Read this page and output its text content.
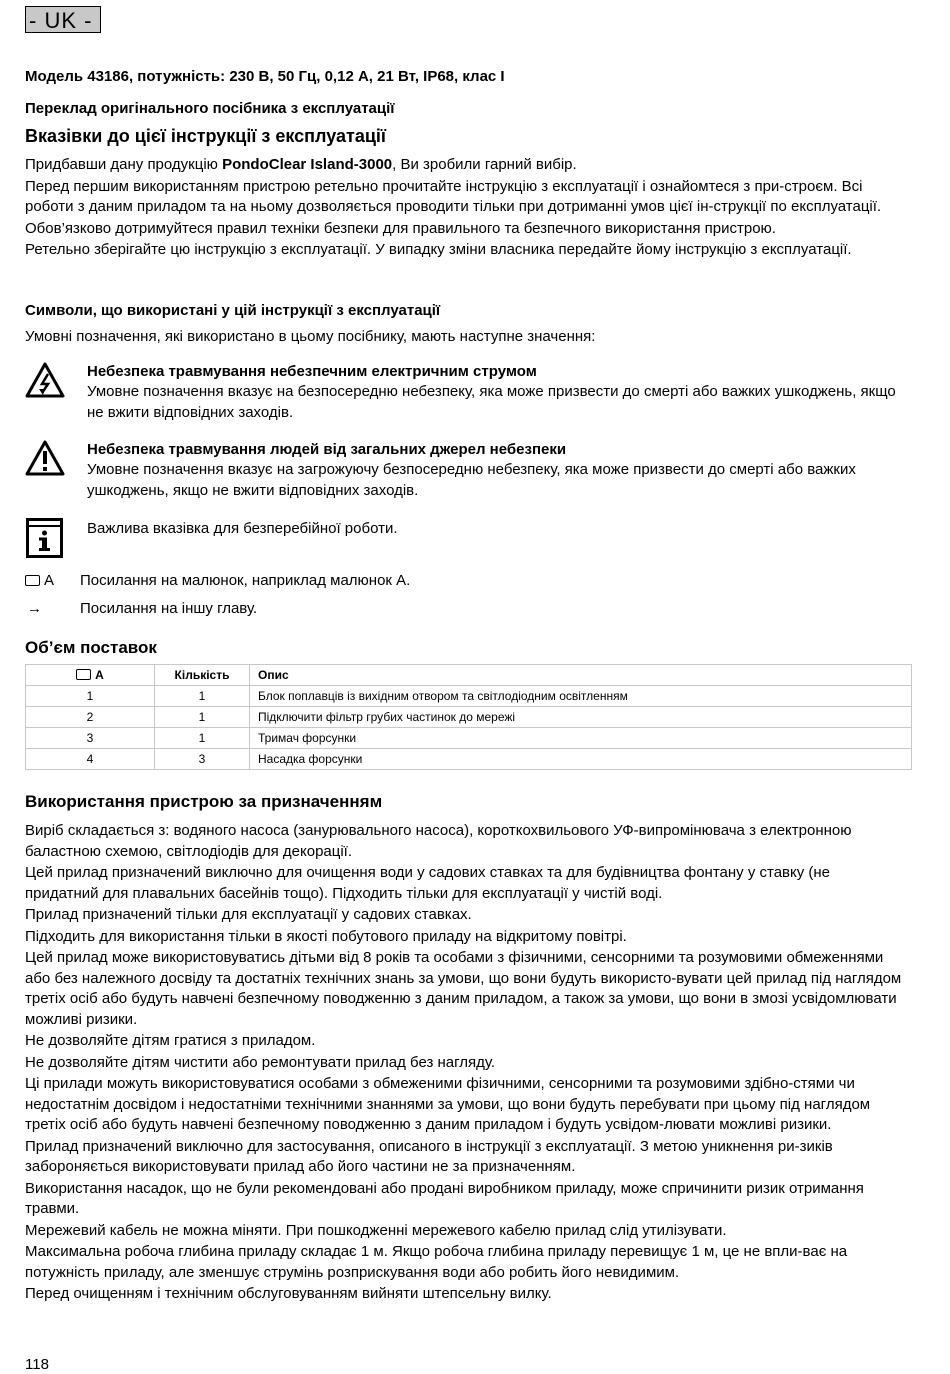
- UK -
Модель 43186, потужність: 230 В, 50 Гц, 0,12 А, 21 Вт, IP68, клас I
Переклад оригінального посібника з експлуатації
Вказівки до цієї інструкції з експлуатації
Придбавши дану продукцію PondoClear Island-3000, Ви зробили гарний вибір.
Перед першим використанням пристрою ретельно прочитайте інструкцію з експлуатації і ознайомтеся з при-строєм. Всі роботи з даним приладом та на ньому дозволяється проводити тільки при дотриманні умов цієї ін-струкції по експлуатації.
Обов’язково дотримуйтеся правил техніки безпеки для правильного та безпечного використання пристрою.
Ретельно зберігайте цю інструкцію з експлуатації. У випадку зміни власника передайте йому інструкцію з експлуатації.
Символи, що використані у цій інструкції з експлуатації
Умовні позначення, які використано в цьому посібнику, мають наступне значення:
Небезпека травмування небезпечним електричним струмом
Умовне позначення вказує на безпосередню небезпеку, яка може призвести до смерті або важких ушкоджень, якщо не вжити відповідних заходів.
Небезпека травмування людей від загальних джерел небезпеки
Умовне позначення вказує на загрожуючу безпосередню небезпеку, яка може призвести до смерті або важких ушкоджень, якщо не вжити відповідних заходів.
Важлива вказівка для безперебійної роботи.
A Посилання на малюнок, наприклад малюнок А.
→	Посилання на іншу главу.
Об’єм поставок
A	Кількість	Опис
1	1	Блок поплавців із вихідним отвором та світлодіодним освітленням
2	1	Підключити фільтр грубих частинок до мережі
3	1	Тримач форсунки
4	3	Насадка форсунки
Використання пристрою за призначенням
Виріб складається з: водяного насоса (занурювального насоса), короткохвильового УФ-випромінювача з електронною баластною схемою, світлодіодів для декорації.
Цей прилад призначений виключно для очищення води у садових ставках та для будівництва фонтану у ставку (не придатний для плавальних басейнів тощо). Підходить тільки для експлуатації у чистій воді.
Прилад призначений тільки для експлуатації у садових ставках.
Підходить для використання тільки в якості побутового приладу на відкритому повітрі.
Цей прилад може використовуватись дітьми від 8 років та особами з фізичними, сенсорними та розумовими обмеженнями або без належного досвіду та достатніх технічних знань за умови, що вони будуть використо-вувати цей прилад під наглядом третіх осіб або будуть навчені безпечному поводженню з даним приладом, а також за умови, що вони в змозі усвідомлювати можливі ризики.
Не дозволяйте дітям гратися з приладом.
Не дозволяйте дітям чистити або ремонтувати прилад без нагляду.
Ці прилади можуть використовуватися особами з обмеженими фізичними, сенсорними та розумовими здібно-стями чи недостатнім досвідом і недостатніми технічними знаннями за умови, що вони будуть перебувати при цьому під наглядом третіх осіб або будуть навчені безпечному поводженню з даним приладом і будуть усвідом-лювати можливі ризики.
Прилад призначений виключно для застосування, описаного в інструкції з експлуатації. З метою уникнення ри-зиків забороняється використовувати прилад або його частини не за призначенням.
Використання насадок, що не були рекомендовані або продані виробником приладу, може спричинити ризик отримання травми.
Мережевий кабель не можна міняти. При пошкодженні мережевого кабелю прилад слід утилізувати.
Максимальна робоча глибина приладу складає 1 м. Якщо робоча глибина приладу перевищує 1 м, це не впли-ває на потужність приладу, але зменшує струмінь розприскування води або робить його невидимим.
Перед очищенням і технічним обслуговуванням вийняти штепсельну вилку.
118
